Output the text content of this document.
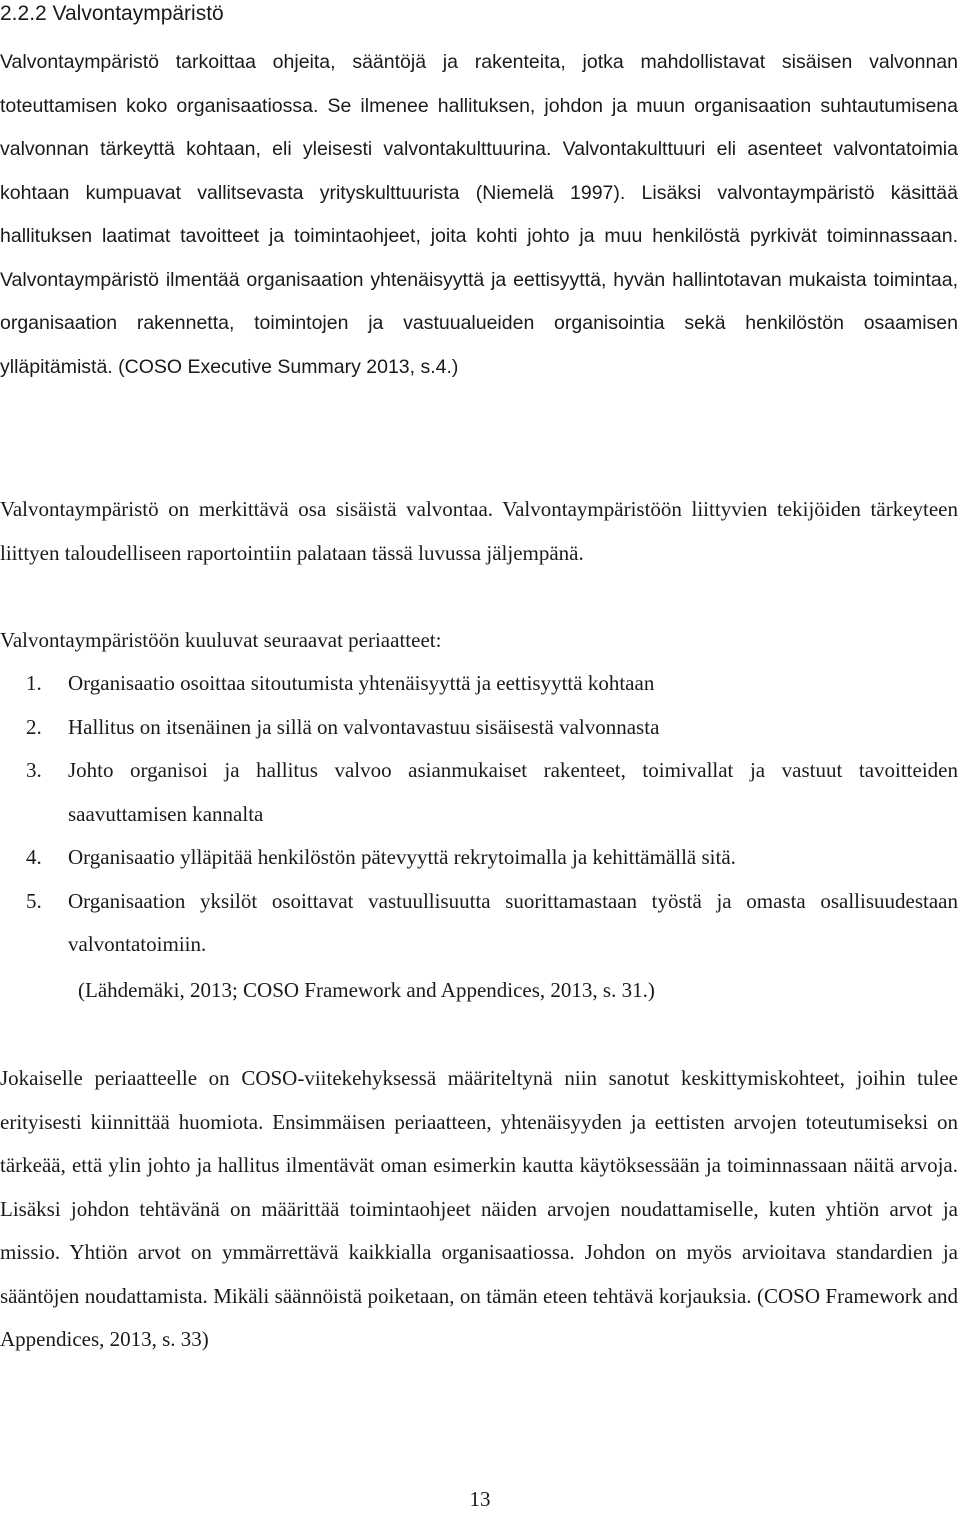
2.2.2 Valvontaympäristö

Valvontaympäristö tarkoittaa ohjeita, sääntöjä ja rakenteita, jotka mahdollistavat sisäisen valvonnan toteuttamisen koko organisaatiossa. Se ilmenee hallituksen, johdon ja muun organisaation suhtautumisena valvonnan tärkeyttä kohtaan, eli yleisesti valvontakulttuurina. Valvontakulttuuri eli asenteet valvontatoimia kohtaan kumpuavat vallitsevasta yrityskulttuurista (Niemelä 1997). Lisäksi valvontaympäristö käsittää hallituksen laatimat tavoitteet ja toimintaohjeet, joita kohti johto ja muu henkilöstä pyrkivät toiminnassaan. Valvontaympäristö ilmentää organisaation yhtenäisyyttä ja eettisyyttä, hyvän hallintotavan mukaista toimintaa, organisaation rakennetta, toimintojen ja vastuualueiden organisointia sekä henkilöstön osaamisen ylläpitämistä. (COSO Executive Summary 2013, s.4.)

Valvontaympäristö on merkittävä osa sisäistä valvontaa. Valvontaympäristöön liittyvien tekijöiden tärkeyteen liittyen taloudelliseen raportointiin palataan tässä luvussa jäljempänä.

Valvontaympäristöön kuuluvat seuraavat periaatteet:

1.	Organisaatio osoittaa sitoutumista yhtenäisyyttä ja eettisyyttä kohtaan
2.	Hallitus on itsenäinen ja sillä on valvontavastuu sisäisestä valvonnasta
3.	Johto organisoi ja hallitus valvoo asianmukaiset rakenteet, toimivallat ja vastuut tavoitteiden saavuttamisen kannalta
4.	Organisaatio ylläpitää henkilöstön pätevyyttä rekrytoimalla ja kehittämällä sitä.
5.	Organisaation yksilöt osoittavat vastuullisuutta suorittamastaan työstä ja omasta osallisuudestaan valvontatoimiin.

(Lähdemäki, 2013; COSO Framework and Appendices, 2013, s. 31.)

Jokaiselle periaatteelle on COSO-viitekehyksessä määriteltynä niin sanotut keskittymiskohteet, joihin tulee erityisesti kiinnittää huomiota. Ensimmäisen periaatteen, yhtenäisyyden ja eettisten arvojen toteutumiseksi on tärkeää, että ylin johto ja hallitus ilmentävät oman esimerkin kautta käytöksessään ja toiminnassaan näitä arvoja. Lisäksi johdon tehtävänä on määrittää toimintaohjeet näiden arvojen noudattamiselle, kuten yhtiön arvot ja missio. Yhtiön arvot on ymmärrettävä kaikkialla organisaatiossa. Johdon on myös arvioitava standardien ja sääntöjen noudattamista. Mikäli säännöistä poiketaan, on tämän eteen tehtävä korjauksia. (COSO Framework and Appendices, 2013, s. 33)

13
